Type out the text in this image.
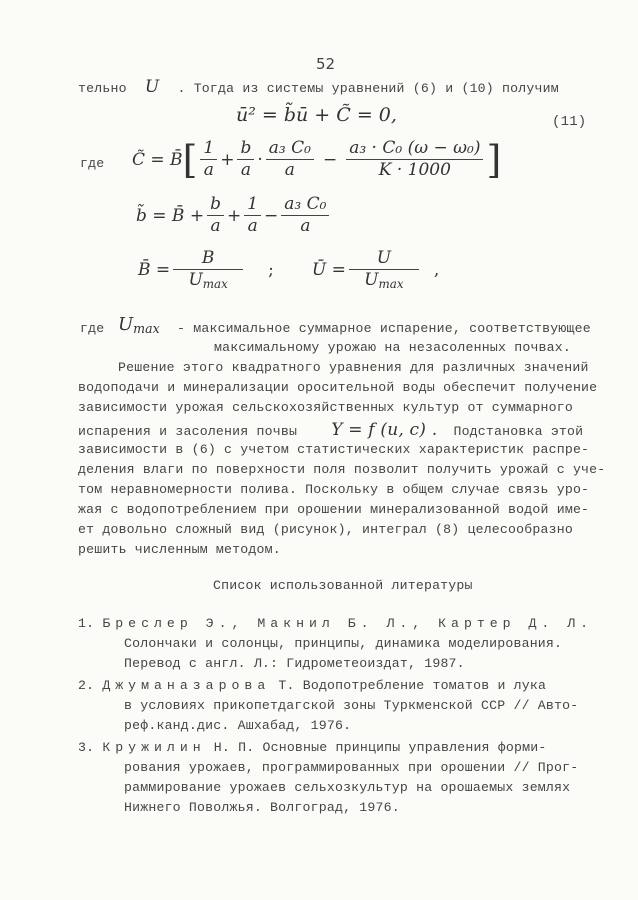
52
тельно U . Тогда из системы уравнений (6) и (10) получим
ū² = b̃ū + C̃ = 0,	(11)
где C̃ = B̄ [ $\frac{1}{a} + \frac{b}{a} \cdot \frac{\text{a₃ C₀}}{a} - \frac{\text{a₃ · C₀ (ω − ω₀)}}{K \cdot 1000}$ ]
b̃ = B̄ + $\frac{b}{a} + \frac{1}{a} - \frac{\text{a₃ C₀}}{a}$
B̄ = $\frac{B}{U_{max}}$ ; Ū = $\frac{U}{U_{max}}$ ,
где $U_{max}$ - максимальное суммарное испарение, соответствующее
максимальному урожаю на незасоленных почвах.
Решение этого квадратного уравнения для различных значений
водоподачи и минерализации оросительной воды обеспечит получение
зависимости урожая сельскохозяйственных культур от суммарного
испарения и засоления почвы Y = f (u, c) . Подстановка этой
зависимости в (6) с учетом статистических характеристик распре-
деления влаги по поверхности поля позволит получить урожай с уче-
том неравномерности полива. Поскольку в общем случае связь уро-
жая с водопотреблением при орошении минерализованной водой име-
ет довольно сложный вид (рисунок), интеграл (8) целесообразно
решить численным методом.
Список использованной литературы
1. Бреслер Э., Макнил Б. Л., Картер Д. Л.
Солончаки и солонцы, принципы, динамика моделирования.
Перевод с англ. Л.: Гидрометеоиздат, 1987.
2. Джуманазарова Т. Водопотребление томатов и лука
в условиях прикопетдагской зоны Туркменской ССР // Авто-
реф.канд.дис. Ашхабад, 1976.
3. Кружилин Н. П. Основные принципы управления форми-
рования урожаев, программированных при орошении // Прог-
раммирование урожаев сельхозкультур на орошаемых землях
Нижнего Поволжья. Волгоград, 1976.
